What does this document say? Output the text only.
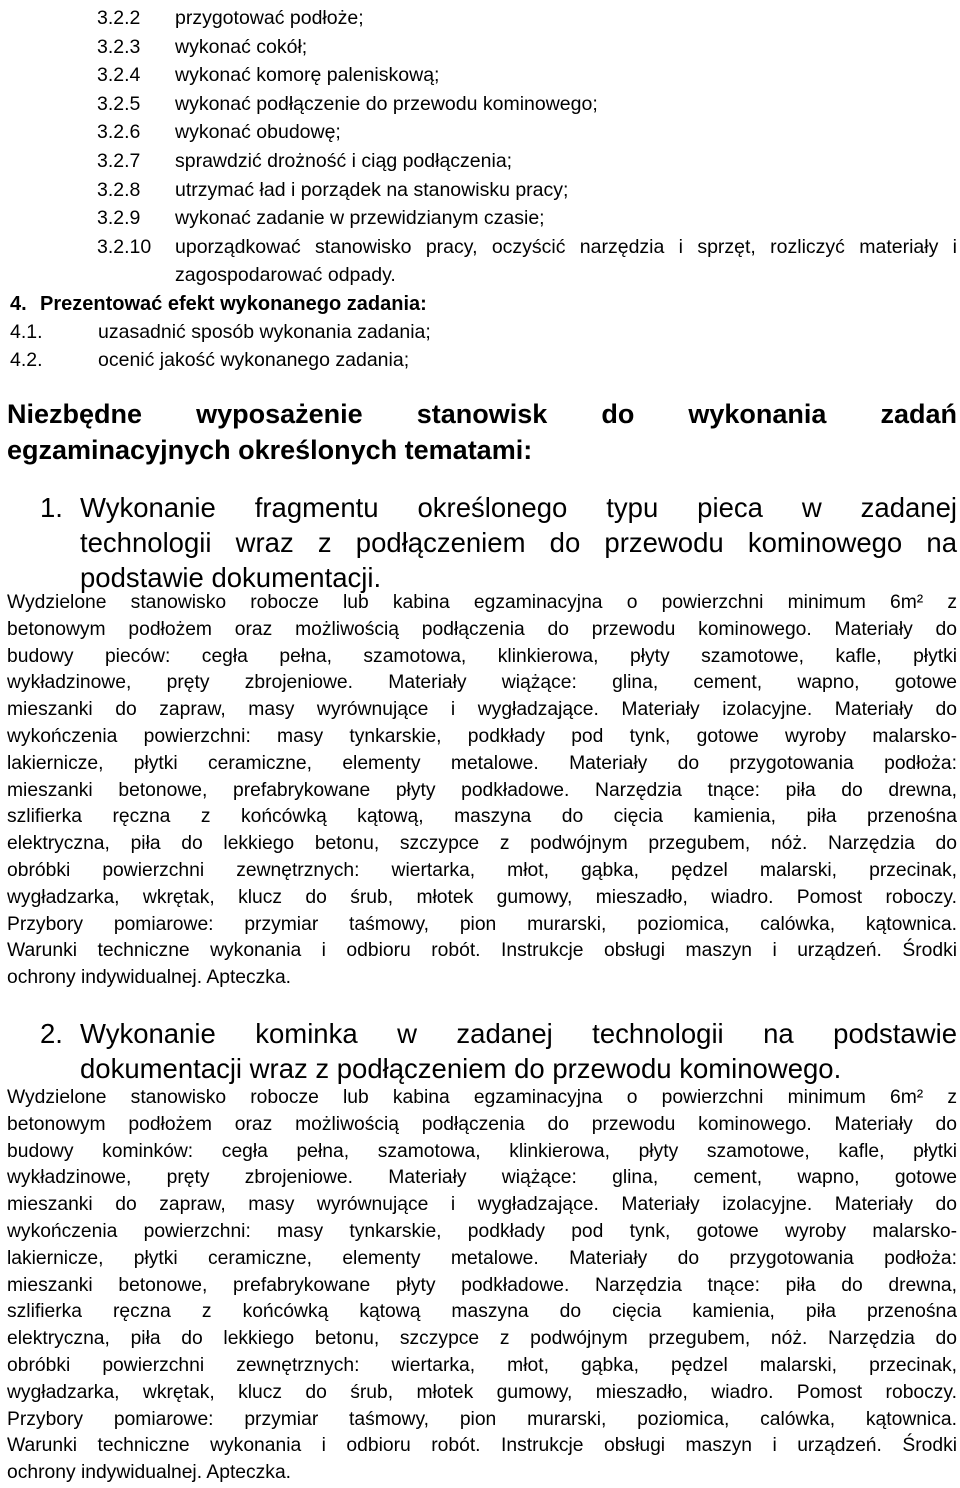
3.2.2	przygotować podłoże;
3.2.3	wykonać cokół;
3.2.4	wykonać komorę paleniskową;
3.2.5	wykonać podłączenie do przewodu kominowego;
3.2.6	wykonać obudowę;
3.2.7	sprawdzić drożność i ciąg podłączenia;
3.2.8	utrzymać ład i porządek na stanowisku pracy;
3.2.9	wykonać zadanie w przewidzianym czasie;
3.2.10	uporządkować stanowisko pracy, oczyścić narzędzia i sprzęt, rozliczyć materiały i zagospodarować odpady.
4. Prezentować efekt wykonanego zadania:
4.1.	uzasadnić sposób wykonania zadania;
4.2.	ocenić jakość wykonanego zadania;
Niezbędne wyposażenie stanowisk do wykonania zadań
egzaminacyjnych określonych tematami:
1. Wykonanie fragmentu określonego typu pieca w zadanej
technologii wraz z podłączeniem do przewodu kominowego na
podstawie dokumentacji.
Wydzielone stanowisko robocze lub kabina egzaminacyjna o powierzchni minimum 6m² z
betonowym podłożem oraz możliwością podłączenia do przewodu kominowego. Materiały do
budowy pieców: cegła pełna, szamotowa, klinkierowa, płyty szamotowe, kafle, płytki
wykładzinowe, pręty zbrojeniowe. Materiały wiążące: glina, cement, wapno, gotowe
mieszanki do zapraw, masy wyrównujące i wygładzające. Materiały izolacyjne. Materiały do
wykończenia powierzchni: masy tynkarskie, podkłady pod tynk, gotowe wyroby malarsko-
lakiernicze, płytki ceramiczne, elementy metalowe. Materiały do przygotowania podłoża:
mieszanki betonowe, prefabrykowane płyty podkładowe. Narzędzia tnące: piła do drewna,
szlifierka ręczna z końcówką kątową, maszyna do cięcia kamienia, piła przenośna
elektryczna, piła do lekkiego betonu, szczypce z podwójnym przegubem, nóż. Narzędzia do
obróbki powierzchni zewnętrznych: wiertarka, młot, gąbka, pędzel malarski, przecinak,
wygładzarka, wkrętak, klucz do śrub, młotek gumowy, mieszadło, wiadro. Pomost roboczy.
Przybory pomiarowe: przymiar taśmowy, pion murarski, poziomica, calówka, kątownica.
Warunki techniczne wykonania i odbioru robót. Instrukcje obsługi maszyn i urządzeń. Środki
ochrony indywidualnej. Apteczka.
2. Wykonanie kominka w zadanej technologii na podstawie
dokumentacji wraz z podłączeniem do przewodu kominowego.
Wydzielone stanowisko robocze lub kabina egzaminacyjna o powierzchni minimum 6m² z
betonowym podłożem oraz możliwością podłączenia do przewodu kominowego. Materiały do
budowy kominków: cegła pełna, szamotowa, klinkierowa, płyty szamotowe, kafle, płytki
wykładzinowe, pręty zbrojeniowe. Materiały wiążące: glina, cement, wapno, gotowe
mieszanki do zapraw, masy wyrównujące i wygładzające. Materiały izolacyjne. Materiały do
wykończenia powierzchni: masy tynkarskie, podkłady pod tynk, gotowe wyroby malarsko-
lakiernicze, płytki ceramiczne, elementy metalowe. Materiały do przygotowania podłoża:
mieszanki betonowe, prefabrykowane płyty podkładowe. Narzędzia tnące: piła do drewna,
szlifierka ręczna z końcówką kątową maszyna do cięcia kamienia, piła przenośna
elektryczna, piła do lekkiego betonu, szczypce z podwójnym przegubem, nóż. Narzędzia do
obróbki powierzchni zewnętrznych: wiertarka, młot, gąbka, pędzel malarski, przecinak,
wygładzarka, wkrętak, klucz do śrub, młotek gumowy, mieszadło, wiadro. Pomost roboczy.
Przybory pomiarowe: przymiar taśmowy, pion murarski, poziomica, calówka, kątownica.
Warunki techniczne wykonania i odbioru robót. Instrukcje obsługi maszyn i urządzeń. Środki
ochrony indywidualnej. Apteczka.
